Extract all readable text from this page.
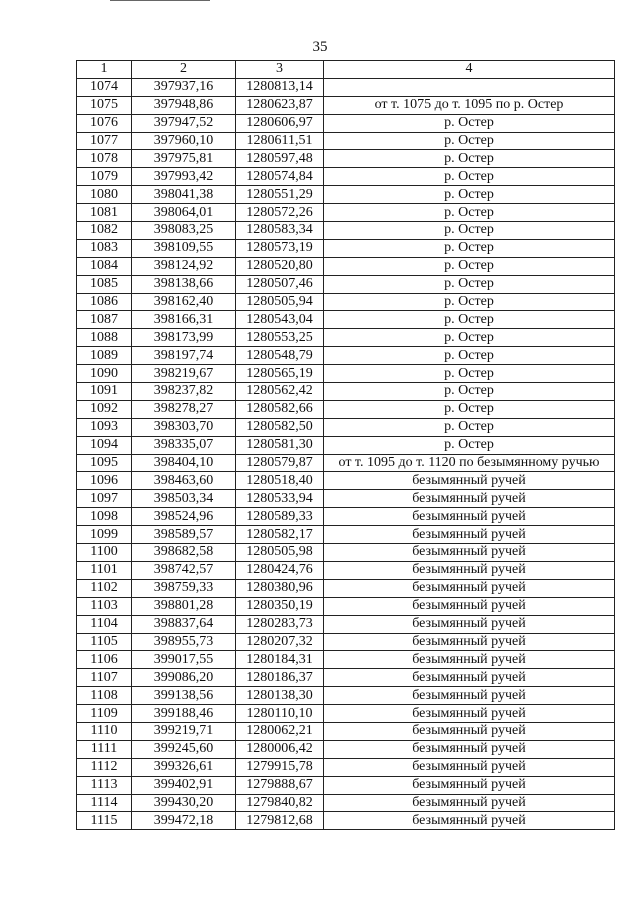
35
1	2	3	4
1074	397937,16	1280813,14	
1075	397948,86	1280623,87	от т. 1075 до т. 1095 по р. Остер
1076	397947,52	1280606,97	р. Остер
1077	397960,10	1280611,51	р. Остер
1078	397975,81	1280597,48	р. Остер
1079	397993,42	1280574,84	р. Остер
1080	398041,38	1280551,29	р. Остер
1081	398064,01	1280572,26	р. Остер
1082	398083,25	1280583,34	р. Остер
1083	398109,55	1280573,19	р. Остер
1084	398124,92	1280520,80	р. Остер
1085	398138,66	1280507,46	р. Остер
1086	398162,40	1280505,94	р. Остер
1087	398166,31	1280543,04	р. Остер
1088	398173,99	1280553,25	р. Остер
1089	398197,74	1280548,79	р. Остер
1090	398219,67	1280565,19	р. Остер
1091	398237,82	1280562,42	р. Остер
1092	398278,27	1280582,66	р. Остер
1093	398303,70	1280582,50	р. Остер
1094	398335,07	1280581,30	р. Остер
1095	398404,10	1280579,87	от т. 1095 до т. 1120 по безымянному ручью
1096	398463,60	1280518,40	безымянный ручей
1097	398503,34	1280533,94	безымянный ручей
1098	398524,96	1280589,33	безымянный ручей
1099	398589,57	1280582,17	безымянный ручей
1100	398682,58	1280505,98	безымянный ручей
1101	398742,57	1280424,76	безымянный ручей
1102	398759,33	1280380,96	безымянный ручей
1103	398801,28	1280350,19	безымянный ручей
1104	398837,64	1280283,73	безымянный ручей
1105	398955,73	1280207,32	безымянный ручей
1106	399017,55	1280184,31	безымянный ручей
1107	399086,20	1280186,37	безымянный ручей
1108	399138,56	1280138,30	безымянный ручей
1109	399188,46	1280110,10	безымянный ручей
1110	399219,71	1280062,21	безымянный ручей
1111	399245,60	1280006,42	безымянный ручей
1112	399326,61	1279915,78	безымянный ручей
1113	399402,91	1279888,67	безымянный ручей
1114	399430,20	1279840,82	безымянный ручей
1115	399472,18	1279812,68	безымянный ручей
